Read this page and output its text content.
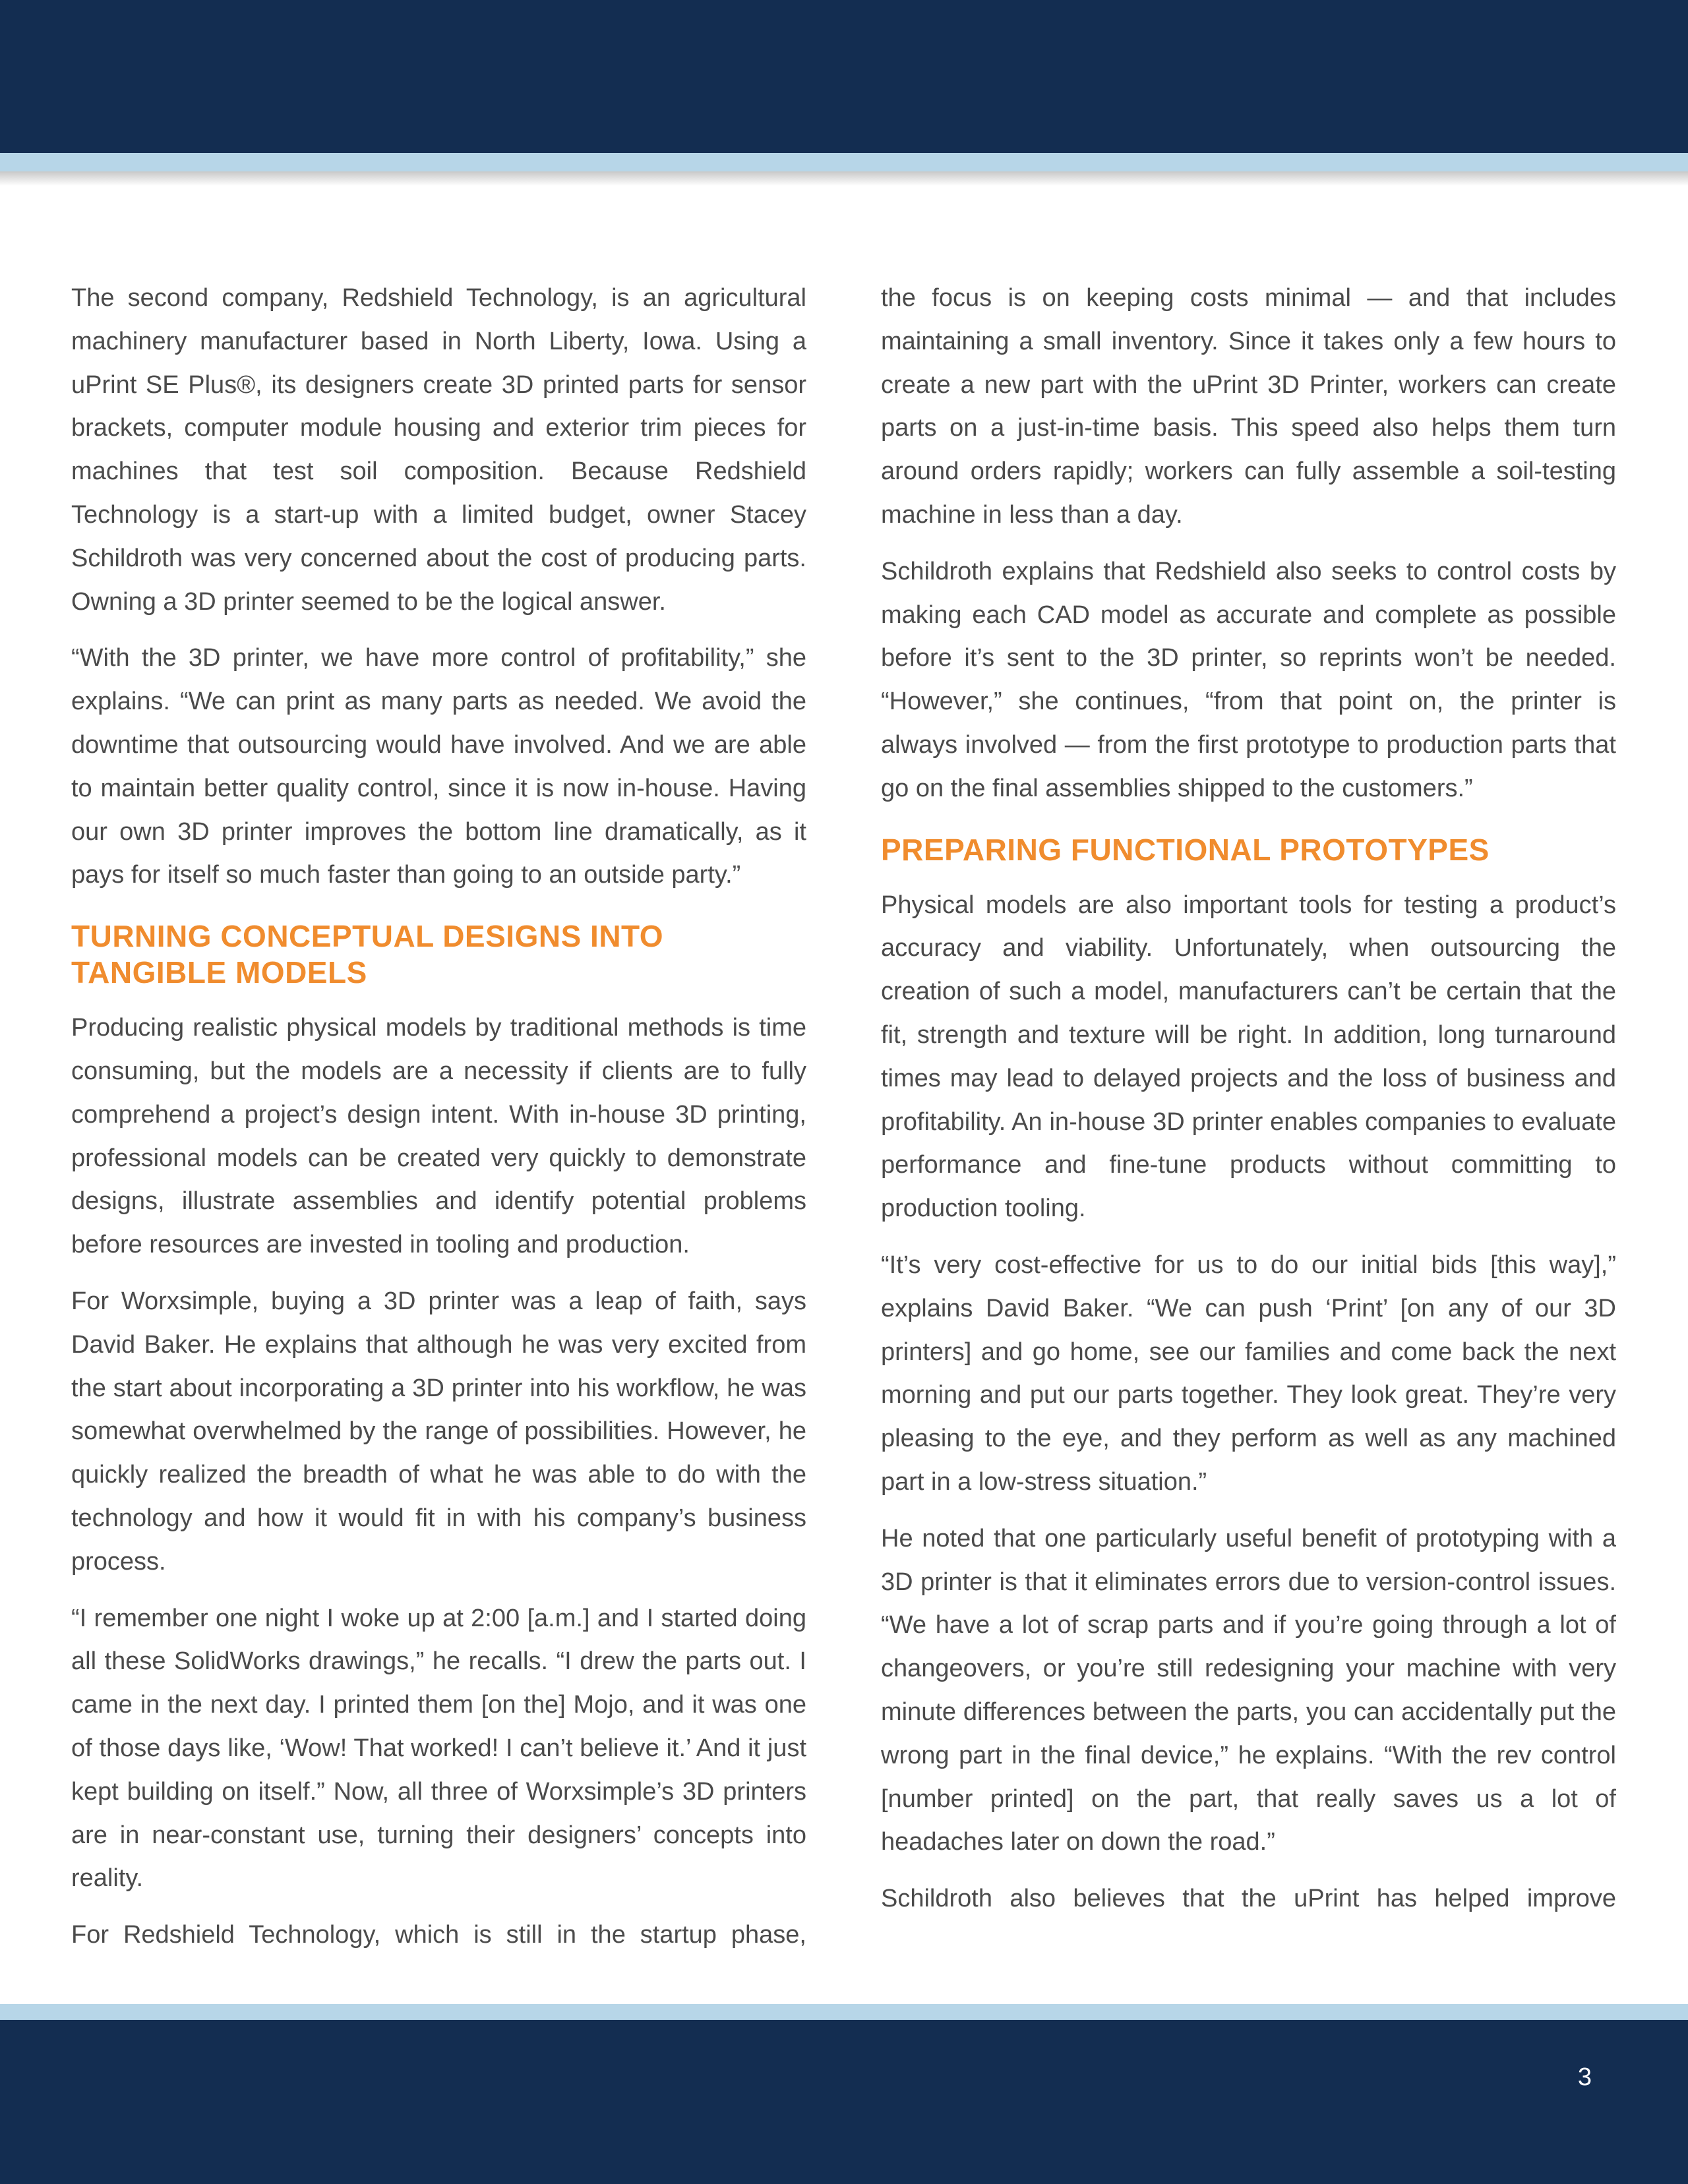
The second company, Redshield Technology, is an agricultural machinery manufacturer based in North Liberty, Iowa. Using a uPrint SE Plus®, its designers create 3D printed parts for sensor brackets, computer module housing and exterior trim pieces for machines that test soil composition. Because Redshield Technology is a start-up with a limited budget, owner Stacey Schildroth was very concerned about the cost of producing parts. Owning a 3D printer seemed to be the logical answer.

“With the 3D printer, we have more control of profitability,” she explains. “We can print as many parts as needed. We avoid the downtime that outsourcing would have involved. And we are able to maintain better quality control, since it is now in-house. Having our own 3D printer improves the bottom line dramatically, as it pays for itself so much faster than going to an outside party.”

TURNING CONCEPTUAL DESIGNS INTO
TANGIBLE MODELS

Producing realistic physical models by traditional methods is time consuming, but the models are a necessity if clients are to fully comprehend a project’s design intent. With in-house 3D printing, professional models can be created very quickly to demonstrate designs, illustrate assemblies and identify potential problems before resources are invested in tooling and production.

For Worxsimple, buying a 3D printer was a leap of faith, says David Baker. He explains that although he was very excited from the start about incorporating a 3D printer into his workflow, he was somewhat overwhelmed by the range of possibilities. However, he quickly realized the breadth of what he was able to do with the technology and how it would fit in with his company’s business process.

“I remember one night I woke up at 2:00 [a.m.] and I started doing all these SolidWorks drawings,” he recalls. “I drew the parts out. I came in the next day. I printed them [on the] Mojo, and it was one of those days like, ‘Wow! That worked! I can’t believe it.’ And it just kept building on itself.” Now, all three of Worxsimple’s 3D printers are in near-constant use, turning their designers’ concepts into reality.

For Redshield Technology, which is still in the startup phase,

the focus is on keeping costs minimal — and that includes maintaining a small inventory. Since it takes only a few hours to create a new part with the uPrint 3D Printer, workers can create parts on a just-in-time basis. This speed also helps them turn around orders rapidly; workers can fully assemble a soil-testing machine in less than a day.

Schildroth explains that Redshield also seeks to control costs by making each CAD model as accurate and complete as possible before it’s sent to the 3D printer, so reprints won’t be needed. “However,” she continues, “from that point on, the printer is always involved — from the first prototype to production parts that go on the final assemblies shipped to the customers.”

PREPARING FUNCTIONAL PROTOTYPES

Physical models are also important tools for testing a product’s accuracy and viability. Unfortunately, when outsourcing the creation of such a model, manufacturers can’t be certain that the fit, strength and texture will be right. In addition, long turnaround times may lead to delayed projects and the loss of business and profitability. An in-house 3D printer enables companies to evaluate performance and fine-tune products without committing to production tooling.

“It’s very cost-effective for us to do our initial bids [this way],” explains David Baker. “We can push ‘Print’ [on any of our 3D printers] and go home, see our families and come back the next morning and put our parts together. They look great. They’re very pleasing to the eye, and they perform as well as any machined part in a low-stress situation.”

He noted that one particularly useful benefit of prototyping with a 3D printer is that it eliminates errors due to version-control issues. “We have a lot of scrap parts and if you’re going through a lot of changeovers, or you’re still redesigning your machine with very minute differences between the parts, you can accidentally put the wrong part in the final device,” he explains. “With the rev control [number printed] on the part, that really saves us a lot of headaches later on down the road.”

Schildroth also believes that the uPrint has helped improve

3
